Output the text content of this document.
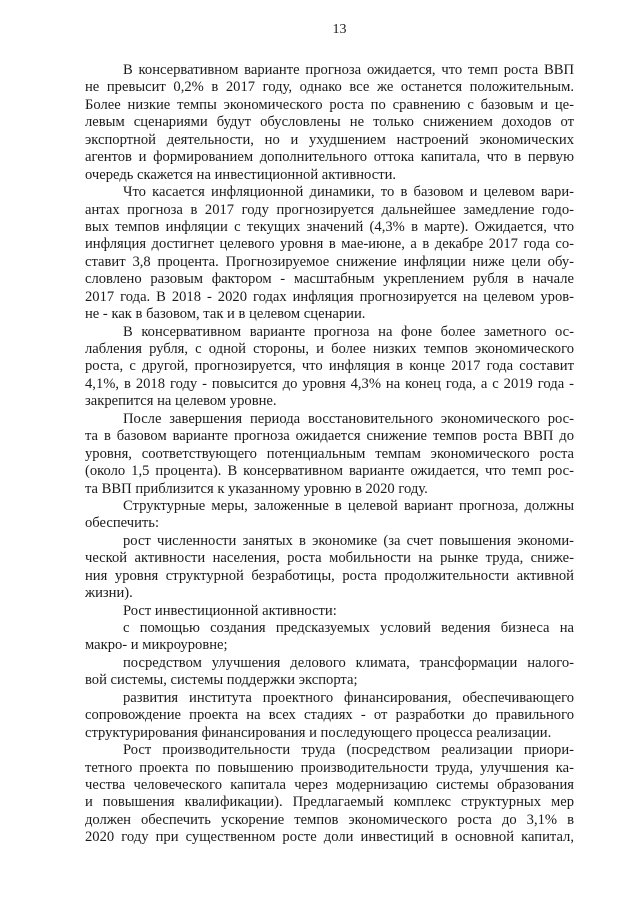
13
В консервативном варианте прогноза ожидается, что темп роста ВВП
не превысит 0,2% в 2017 году, однако все же останется положительным.
Более низкие темпы экономического роста по сравнению с базовым и це-
левым сценариями будут обусловлены не только снижением доходов от
экспортной деятельности, но и ухудшением настроений экономических
агентов и формированием дополнительного оттока капитала, что в первую
очередь скажется на инвестиционной активности.
Что касается инфляционной динамики, то в базовом и целевом вари-
антах прогноза в 2017 году прогнозируется дальнейшее замедление годо-
вых темпов инфляции с текущих значений (4,3% в марте). Ожидается, что
инфляция достигнет целевого уровня в мае-июне, а в декабре 2017 года со-
ставит 3,8 процента. Прогнозируемое снижение инфляции ниже цели обу-
словлено разовым фактором - масштабным укреплением рубля в начале
2017 года. В 2018 - 2020 годах инфляция прогнозируется на целевом уров-
не - как в базовом, так и в целевом сценарии.
В консервативном варианте прогноза на фоне более заметного ос-
лабления рубля, с одной стороны, и более низких темпов экономического
роста, с другой, прогнозируется, что инфляция в конце 2017 года составит
4,1%, в 2018 году - повысится до уровня 4,3% на конец года, а с 2019 года -
закрепится на целевом уровне.
После завершения периода восстановительного экономического рос-
та в базовом варианте прогноза ожидается снижение темпов роста ВВП до
уровня, соответствующего потенциальным темпам экономического роста
(около 1,5 процента). В консервативном варианте ожидается, что темп рос-
та ВВП приблизится к указанному уровню в 2020 году.
Структурные меры, заложенные в целевой вариант прогноза, должны
обеспечить:
рост численности занятых в экономике (за счет повышения экономи-
ческой активности населения, роста мобильности на рынке труда, сниже-
ния уровня структурной безработицы, роста продолжительности активной
жизни).
Рост инвестиционной активности:
с помощью создания предсказуемых условий ведения бизнеса на
макро- и микроуровне;
посредством улучшения делового климата, трансформации налого-
вой системы, системы поддержки экспорта;
развития института проектного финансирования, обеспечивающего
сопровождение проекта на всех стадиях - от разработки до правильного
структурирования финансирования и последующего процесса реализации.
Рост производительности труда (посредством реализации приори-
тетного проекта по повышению производительности труда, улучшения ка-
чества человеческого капитала через модернизацию системы образования
и повышения квалификации). Предлагаемый комплекс структурных мер
должен обеспечить ускорение темпов экономического роста до 3,1% в
2020 году при существенном росте доли инвестиций в основной капитал,
